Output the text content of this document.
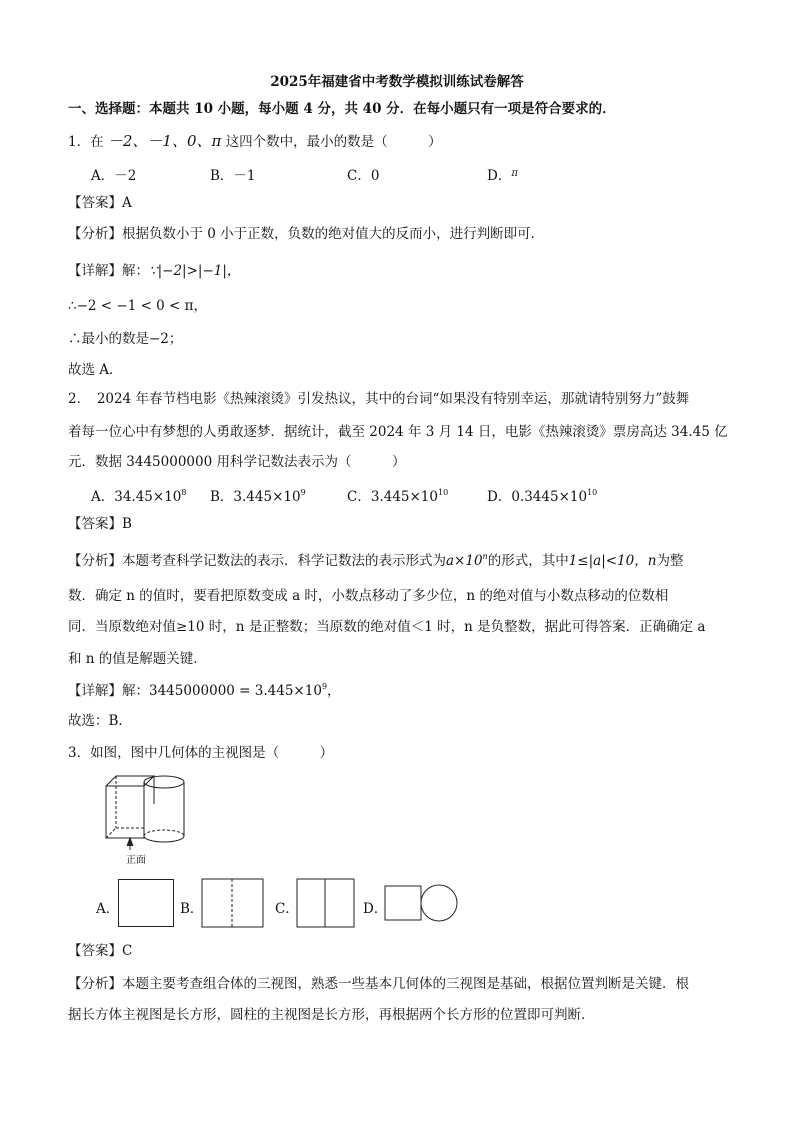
2025年福建省中考数学模拟训练试卷解答
一、选择题：本题共 10 小题，每小题 4 分，共 40 分．在每小题只有一项是符合要求的．
1．在 －2、－1、0、π 这四个数中，最小的数是（　　　）
A．－2	B．－1	C．0	D．$^\pi$
【答案】A
【分析】根据负数小于 0 小于正数，负数的绝对值大的反而小，进行判断即可．
【详解】解：∵|−2|>|−1|，
∴−2 < −1 < 0 < π，
∴最小的数是−2；
故选 A．
2．　2024 年春节档电影《热辣滚烫》引发热议，其中的台词“如果没有特别幸运，那就请特别努力”鼓舞
着每一位心中有梦想的人勇敢逐梦．据统计，截至 2024 年 3 月 14 日，电影《热辣滚烫》票房高达 34.45 亿
元．数据 3445000000 用科学记数法表示为（　　　）
A．$34.45\times 10^8$ B．$3.445\times 10^9$	C．$3.445\times 10^{10}$	D．$0.3445\times 10^{10}$
【答案】B
【分析】本题考查科学记数法的表示．科学记数法的表示形式为$a\times 10^n$的形式，其中1≤|a|<10，n为整
数．确定 n 的值时，要看把原数变成 a 时，小数点移动了多少位，n 的绝对值与小数点移动的位数相
同．当原数绝对值≥10 时，n 是正整数；当原数的绝对值＜1 时，n 是负整数，据此可得答案．正确确定 a
和 n 的值是解题关键．
【详解】解：$3445000000 = 3.445\times 10^9$，
故选：B．
3．如图，图中几何体的主视图是（　　　）
正面
A．	B．	C．	D．
【答案】C
【分析】本题主要考查组合体的三视图，熟悉一些基本几何体的三视图是基础，根据位置判断是关键．根
据长方体主视图是长方形，圆柱的主视图是长方形，再根据两个长方形的位置即可判断．
